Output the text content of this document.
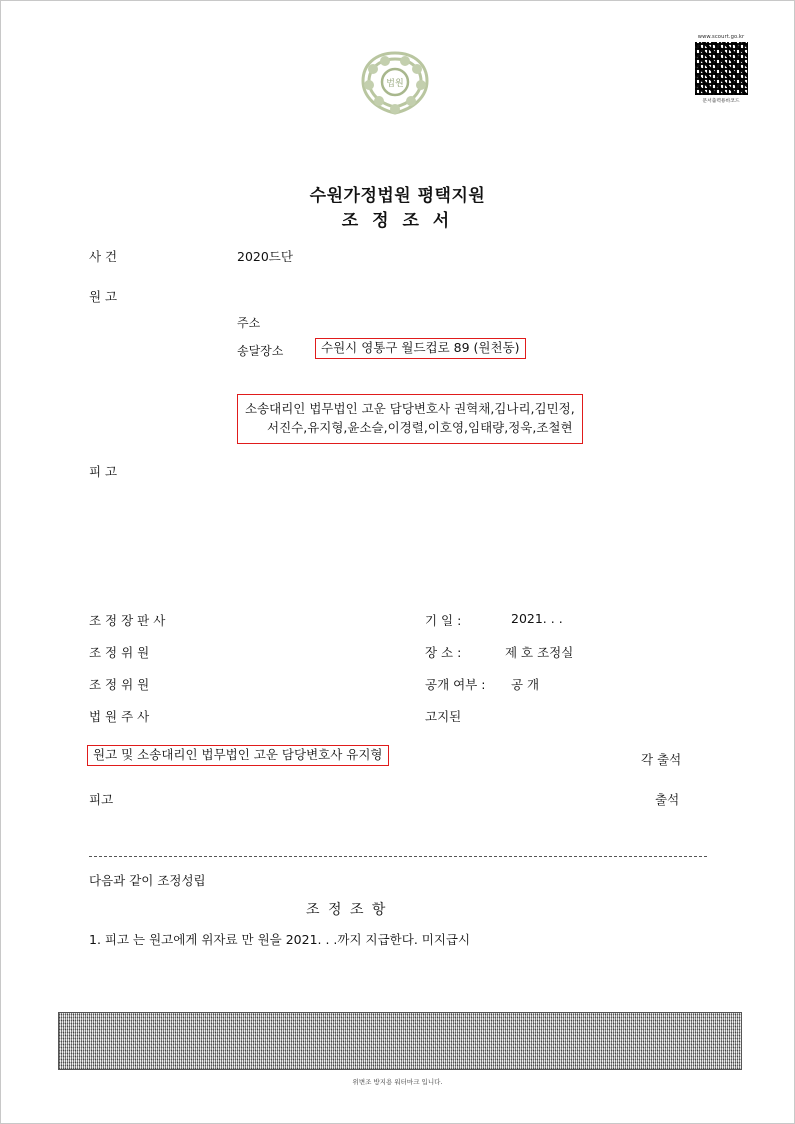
법원
www.scourt.go.kr
문서출력용바코드
수원가정법원 평택지원
조 정 조 서
사 건	2020드단
원 고
주소
송달장소	수원시 영통구 월드컵로 89 (원천동)
소송대리인 법무법인 고운 담당변호사 권혁채,김나리,김민정,
서진수,유지형,윤소슬,이경렬,이호영,임태량,정욱,조철현
피 고
조 정 장 판 사	기 일 :	2021. . .
조 정 위 원	장 소 :	제 호 조정실
조 정 위 원	공개 여부 : 공 개
법 원 주 사	고지된
원고 및 소송대리인 법무법인 고운 담당변호사 유지형	각 출석
피고	출석
다음과 같이 조정성립
조 정 조 항
1. 피고 는 원고에게 위자료 만 원을 2021. . .까지 지급한다. 미지급시
위변조 방지용 워터마크 입니다.
